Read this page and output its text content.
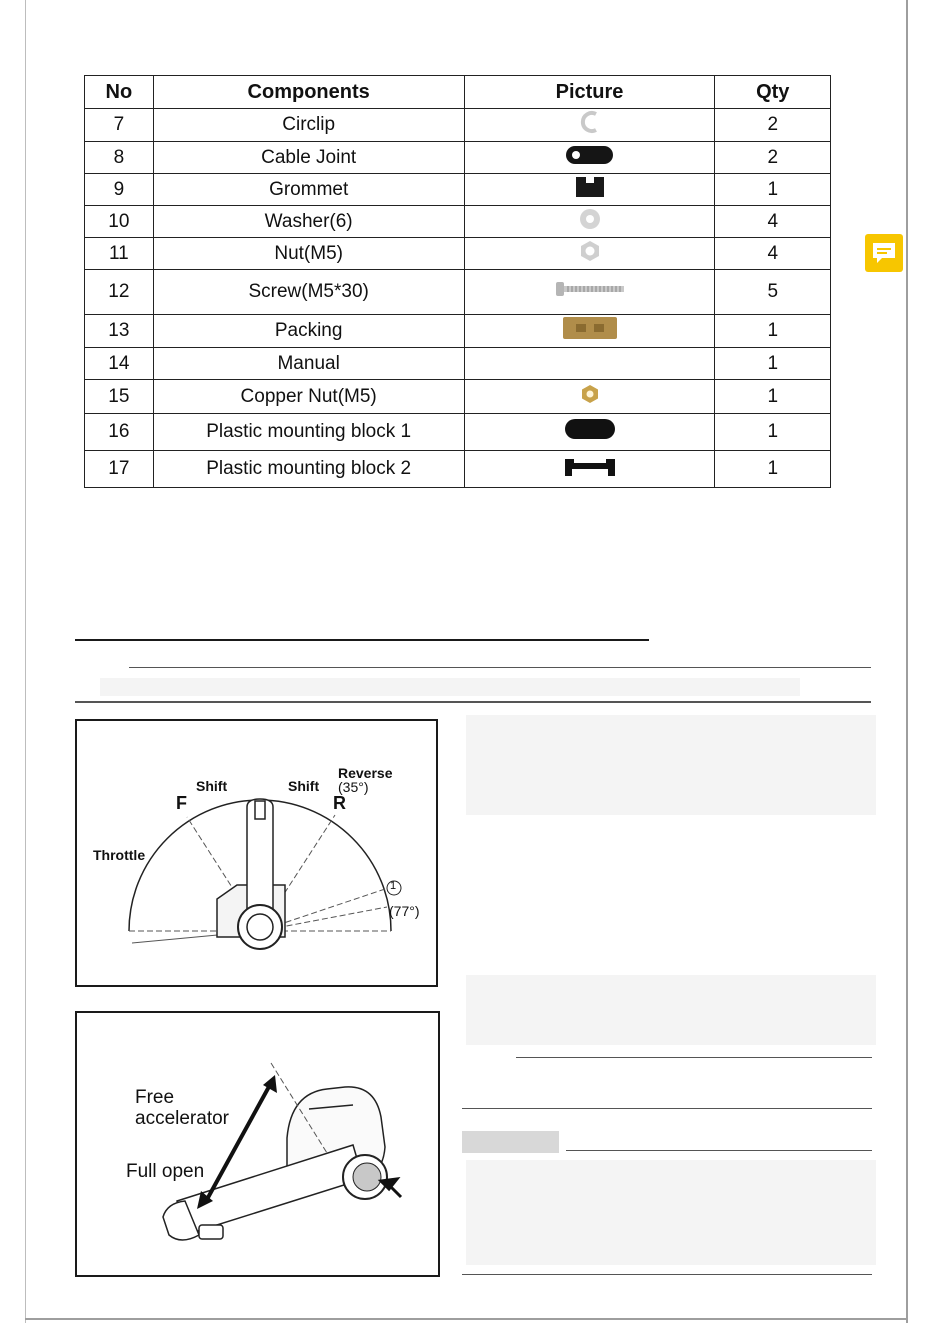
No	Components	Picture	Qty
7	Circlip		2
8	Cable Joint		2
9	Grommet		1
10	Washer(6)		4
11	Nut(M5)		4
12	Screw(M5*30)		5
13	Packing		1
14	Manual		1
15	Copper Nut(M5)		1
16	Plastic mounting block 1		1
17	Plastic mounting block 2		1
Throttle
Shift	Shift
F	R
Reverse
(35°)
1
(77°)
Free
accelerator
Full open
